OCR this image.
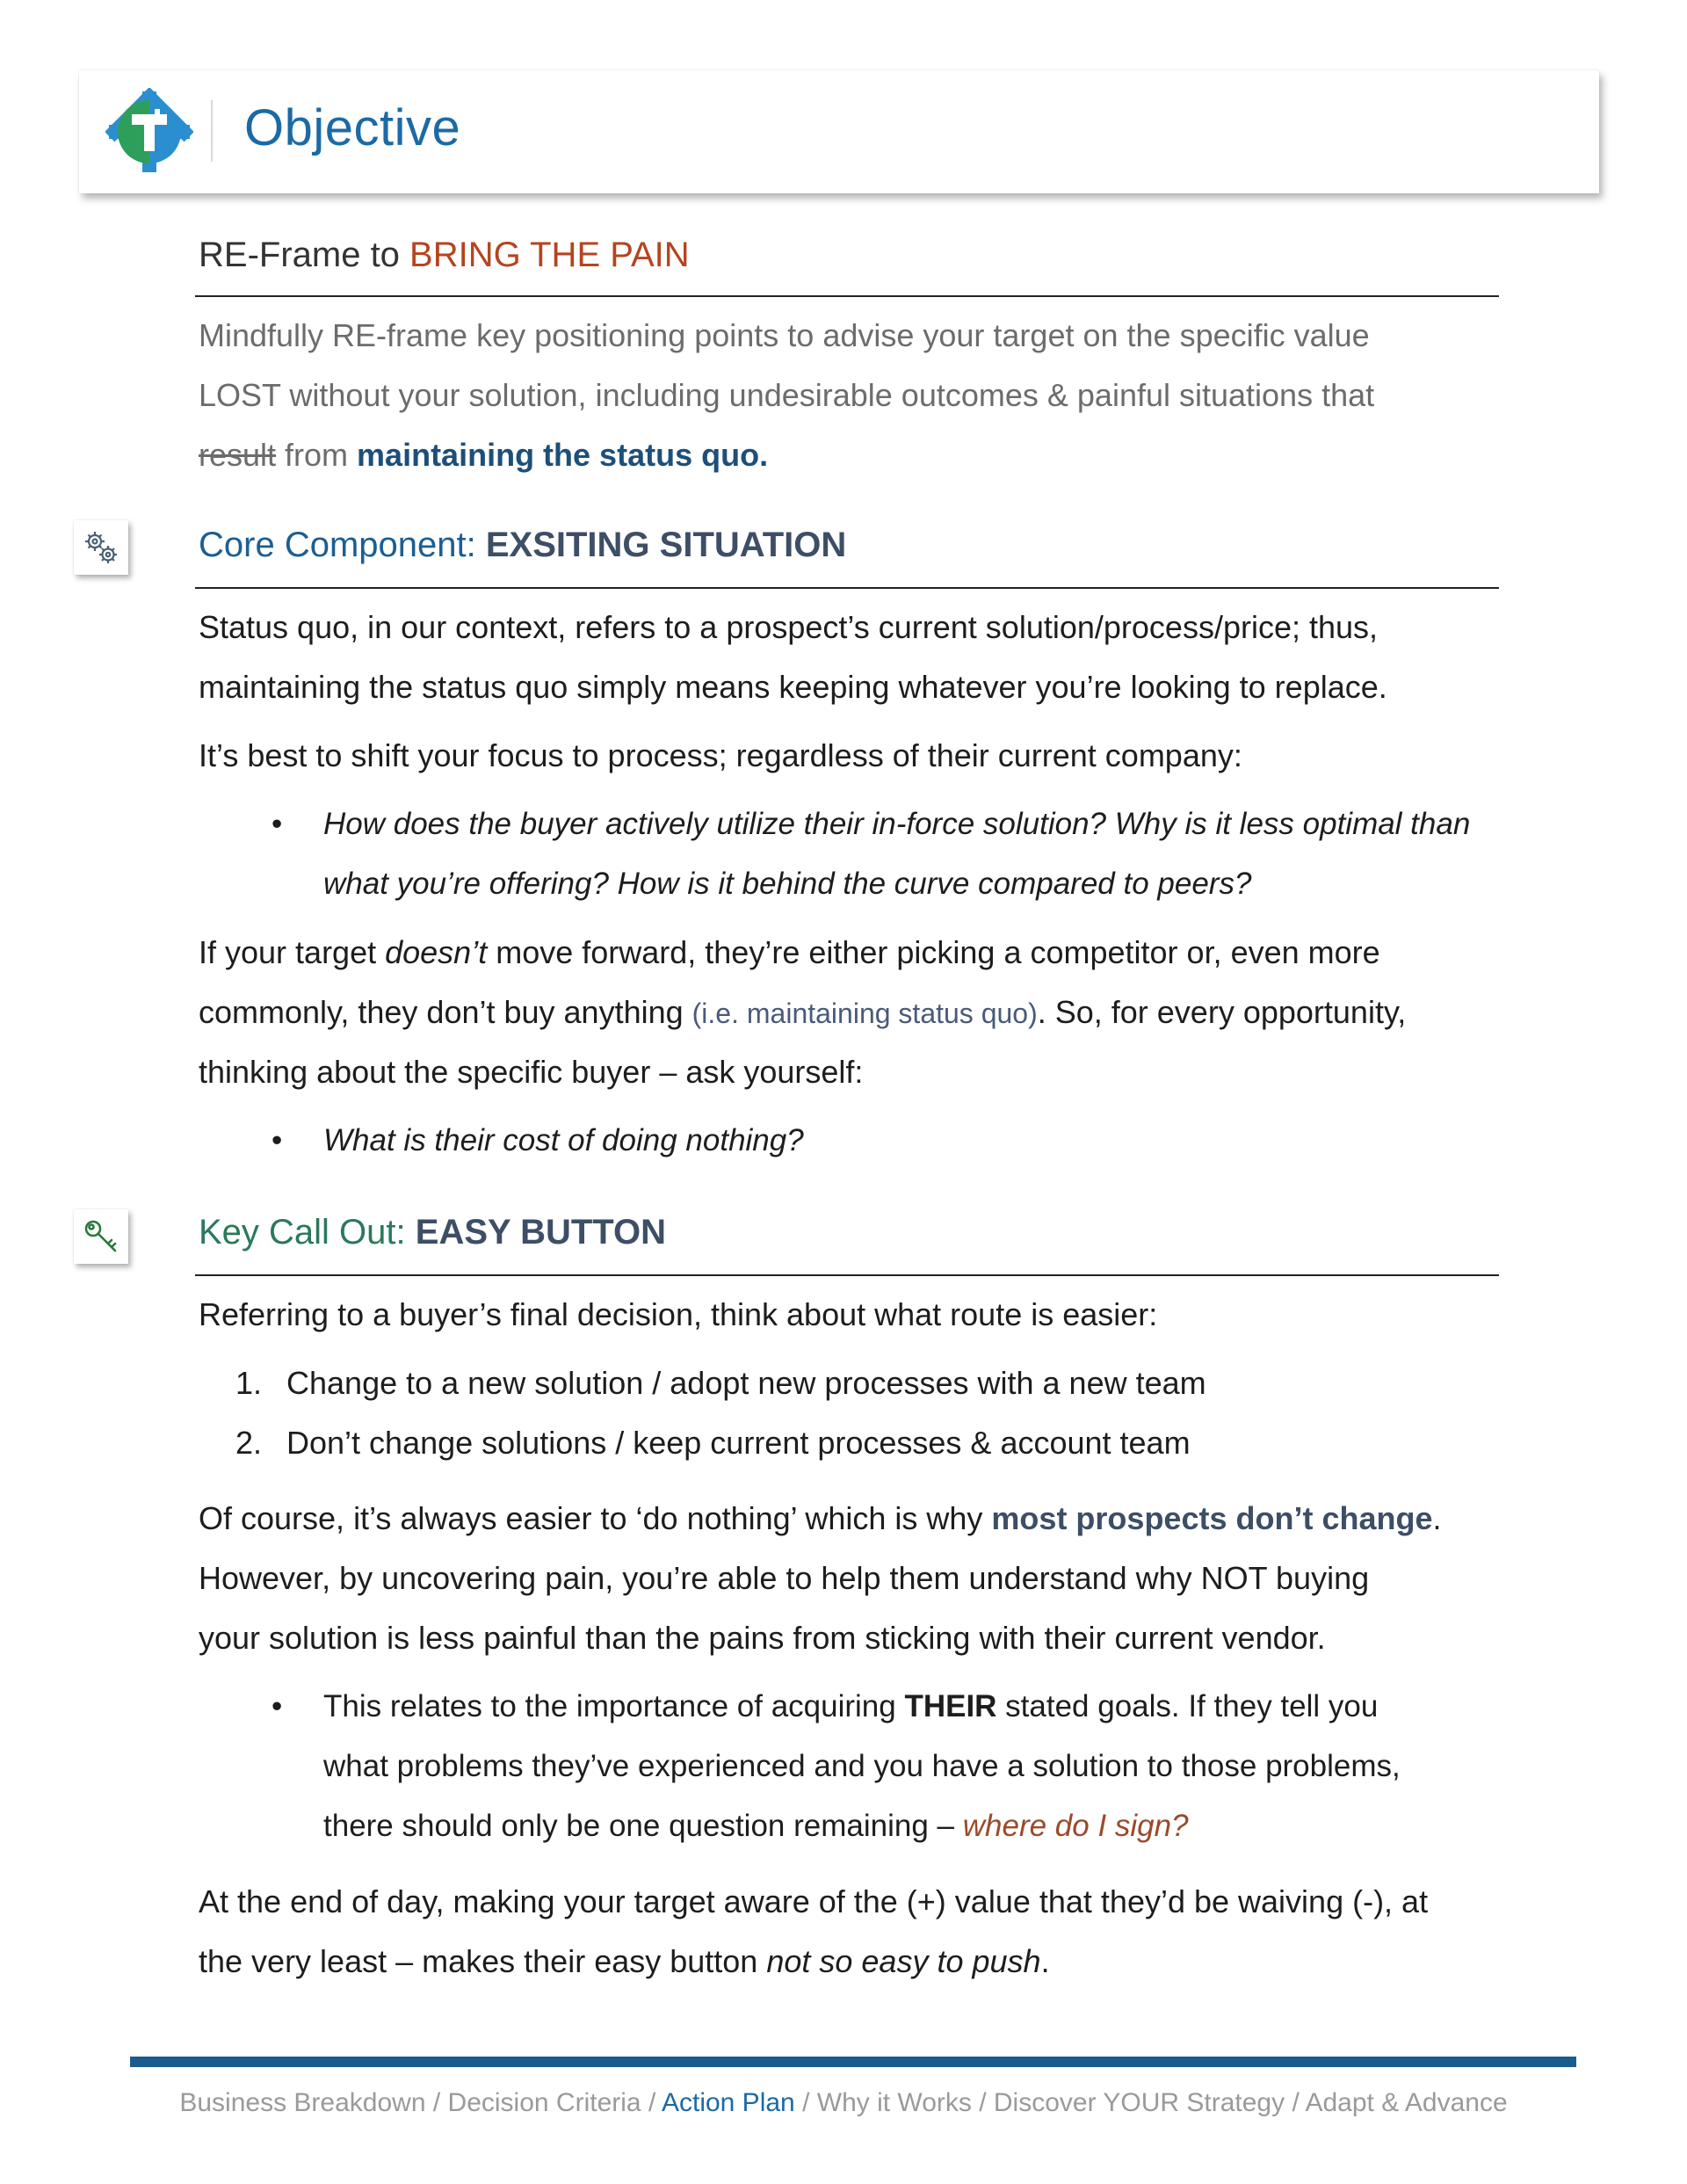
Objective
RE-Frame to BRING THE PAIN
Mindfully RE-frame key positioning points to advise your target on the specific value
LOST without your solution, including undesirable outcomes & painful situations that
result from maintaining the status quo.
Core Component: EXSITING SITUATION
Status quo, in our context, refers to a prospect’s current solution/process/price; thus,
maintaining the status quo simply means keeping whatever you’re looking to replace.
It’s best to shift your focus to process; regardless of their current company:
• How does the buyer actively utilize their in-force solution? Why is it less optimal than
what you’re offering? How is it behind the curve compared to peers?
If your target doesn’t move forward, they’re either picking a competitor or, even more
commonly, they don’t buy anything (i.e. maintaining status quo). So, for every opportunity,
thinking about the specific buyer – ask yourself:
• What is their cost of doing nothing?
Key Call Out: EASY BUTTON
Referring to a buyer’s final decision, think about what route is easier:
1. Change to a new solution / adopt new processes with a new team
2. Don’t change solutions / keep current processes & account team
Of course, it’s always easier to ‘do nothing’ which is why most prospects don’t change.
However, by uncovering pain, you’re able to help them understand why NOT buying
your solution is less painful than the pains from sticking with their current vendor.
• This relates to the importance of acquiring THEIR stated goals. If they tell you
what problems they’ve experienced and you have a solution to those problems,
there should only be one question remaining – where do I sign?
At the end of day, making your target aware of the (+) value that they’d be waiving (-), at
the very least – makes their easy button not so easy to push.
Business Breakdown / Decision Criteria / Action Plan / Why it Works / Discover YOUR Strategy / Adapt & Advance
